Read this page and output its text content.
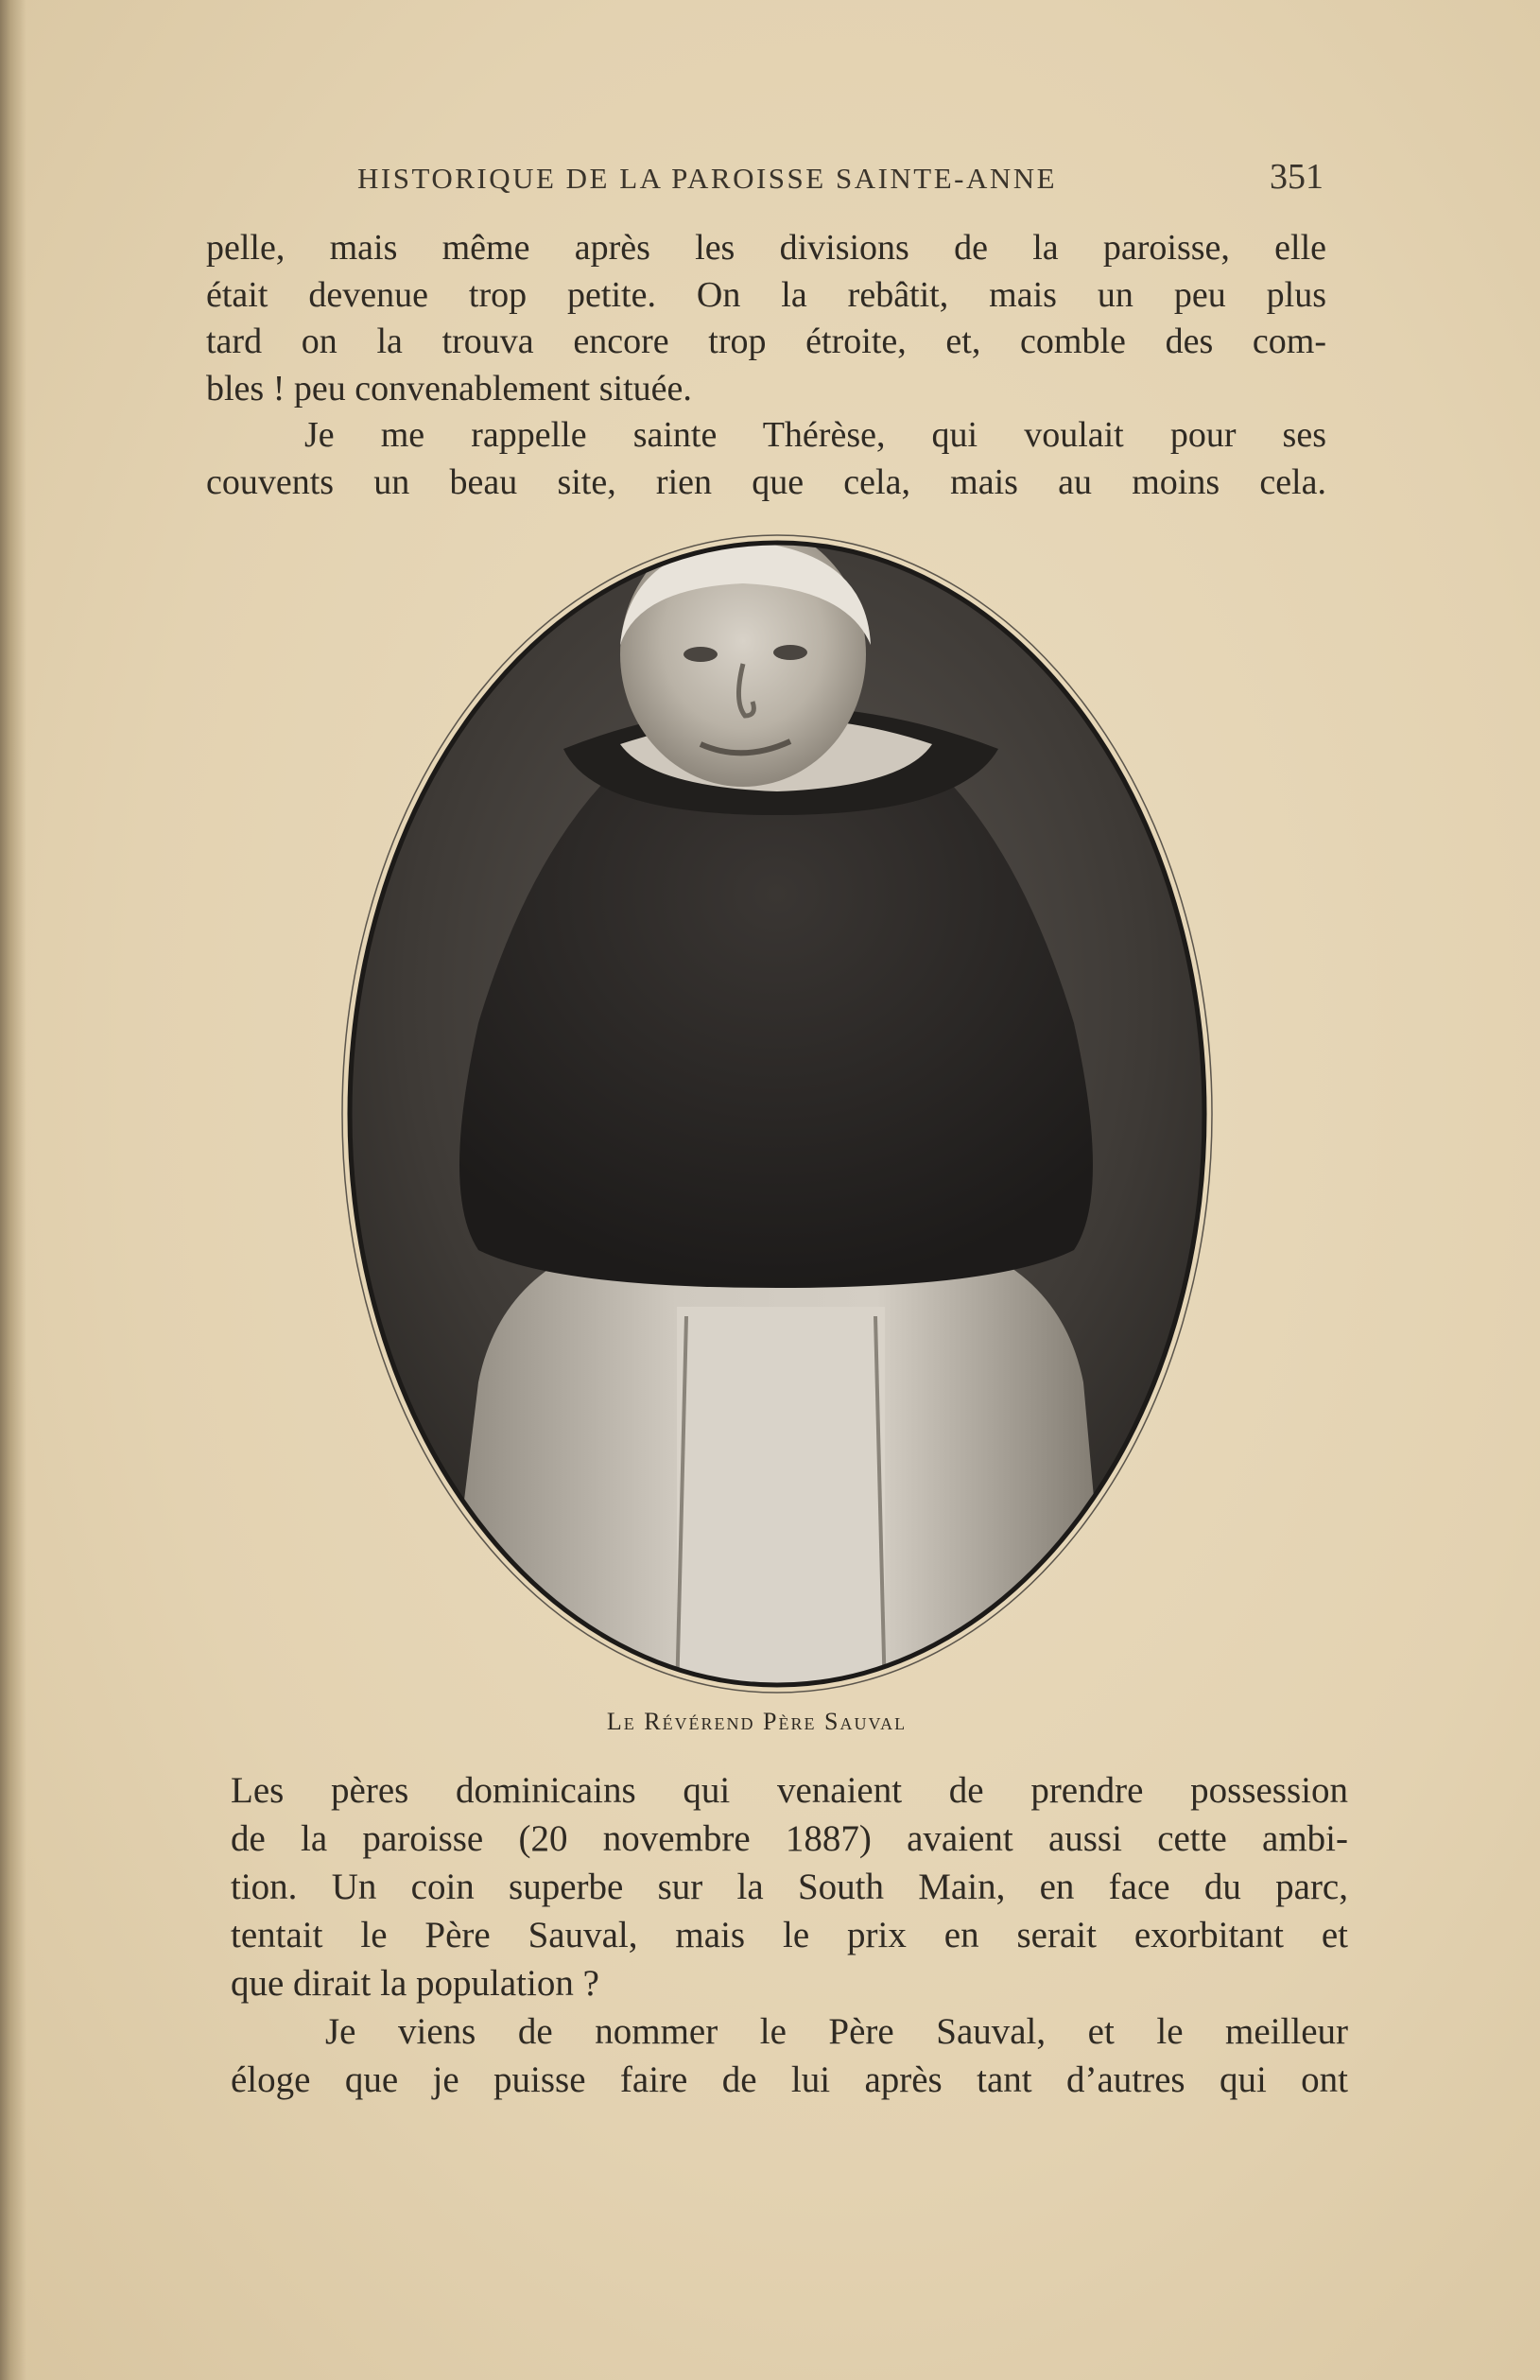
HISTORIQUE DE LA PAROISSE SAINTE-ANNE	351
pelle, mais même après les divisions de la paroisse, elle
était devenue trop petite. On la rebâtit, mais un peu plus
tard on la trouva encore trop étroite, et, comble des com-
bles ! peu convenablement située.
Je me rappelle sainte Thérèse, qui voulait pour ses
couvents un beau site, rien que cela, mais au moins cela.
Le Révérend Père Sauval
Les pères dominicains qui venaient de prendre possession
de la paroisse (20 novembre 1887) avaient aussi cette ambi-
tion. Un coin superbe sur la South Main, en face du parc,
tentait le Père Sauval, mais le prix en serait exorbitant et
que dirait la population ?
Je viens de nommer le Père Sauval, et le meilleur
éloge que je puisse faire de lui après tant d’autres qui ont
